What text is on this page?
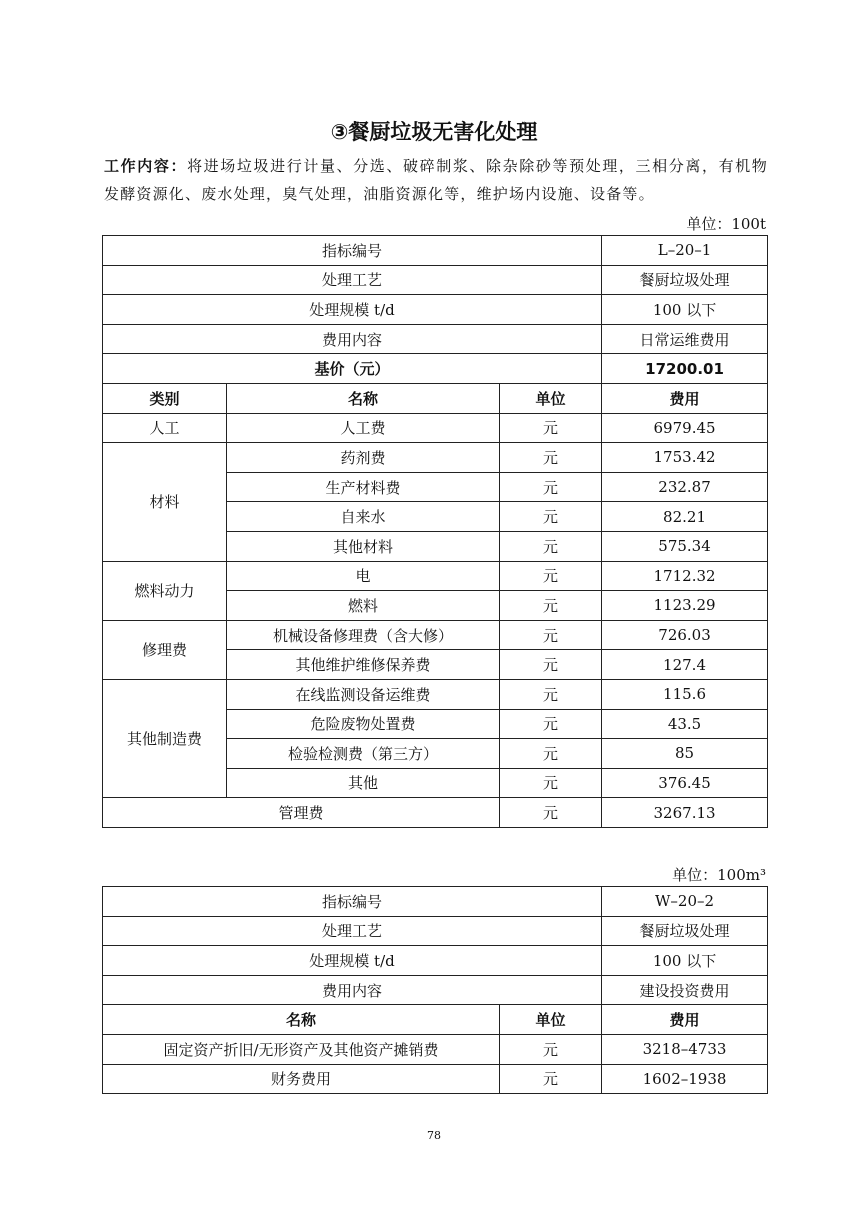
③餐厨垃圾无害化处理
工作内容：将进场垃圾进行计量、分选、破碎制浆、除杂除砂等预处理，三相分离，有机物发酵资源化、废水处理，臭气处理，油脂资源化等，维护场内设施、设备等。
单位：100t
指标编号			L–20–1
处理工艺			餐厨垃圾处理
处理规模 t/d			100 以下
费用内容			日常运维费用
基价（元）			17200.01
类别	名称	单位	费用
人工	人工费	元	6979.45
材料	药剂费	元	1753.42
	生产材料费	元	232.87
	自来水	元	82.21
	其他材料	元	575.34
燃料动力	电	元	1712.32
	燃料	元	1123.29
修理费	机械设备修理费（含大修）	元	726.03
	其他维护维修保养费	元	127.4
其他制造费	在线监测设备运维费	元	115.6
	危险废物处置费	元	43.5
	检验检测费（第三方）	元	85
	其他	元	376.45
管理费		元	3267.13
单位：100m³
指标编号		W–20–2
处理工艺		餐厨垃圾处理
处理规模 t/d		100 以下
费用内容		建设投资费用
名称	单位	费用
固定资产折旧/无形资产及其他资产摊销费	元	3218–4733
财务费用	元	1602–1938
78
